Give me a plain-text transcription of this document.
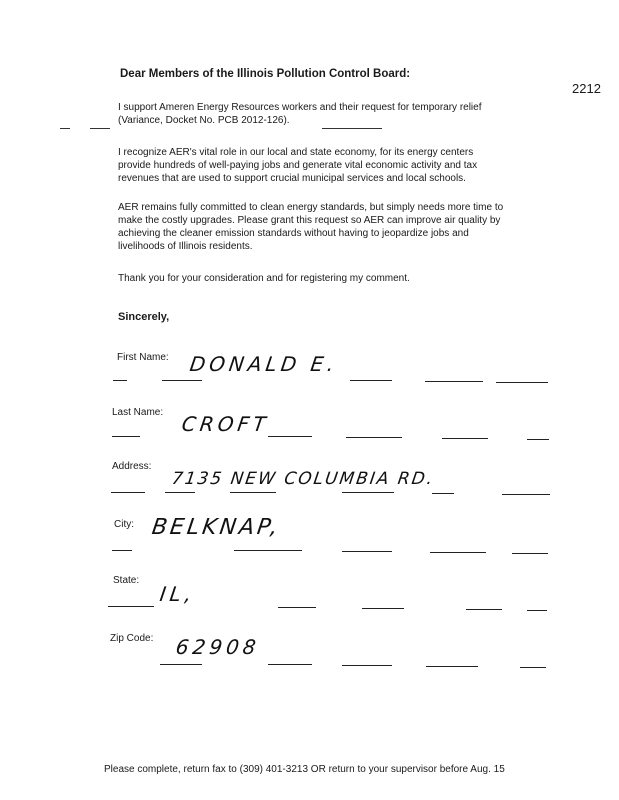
Dear Members of the Illinois Pollution Control Board:
2212
I support Ameren Energy Resources workers and their request for temporary relief
(Variance, Docket No. PCB 2012-126).
I recognize AER's vital role in our local and state economy, for its energy centers
provide hundreds of well-paying jobs and generate vital economic activity and tax
revenues that are used to support crucial municipal services and local schools.
AER remains fully committed to clean energy standards, but simply needs more time to
make the costly upgrades. Please grant this request so AER can improve air quality by
achieving the cleaner emission standards without having to jeopardize jobs and
livelihoods of Illinois residents.
Thank you for your consideration and for registering my comment.
Sincerely,
First Name: DONALD E.
Last Name: CROFT
Address:
7135 NEW COLUMBIA RD.
City: BELKNAP,
State:
IL,
Zip Code: 62908
Please complete, return fax to (309) 401-3213 OR return to your supervisor before Aug. 15
